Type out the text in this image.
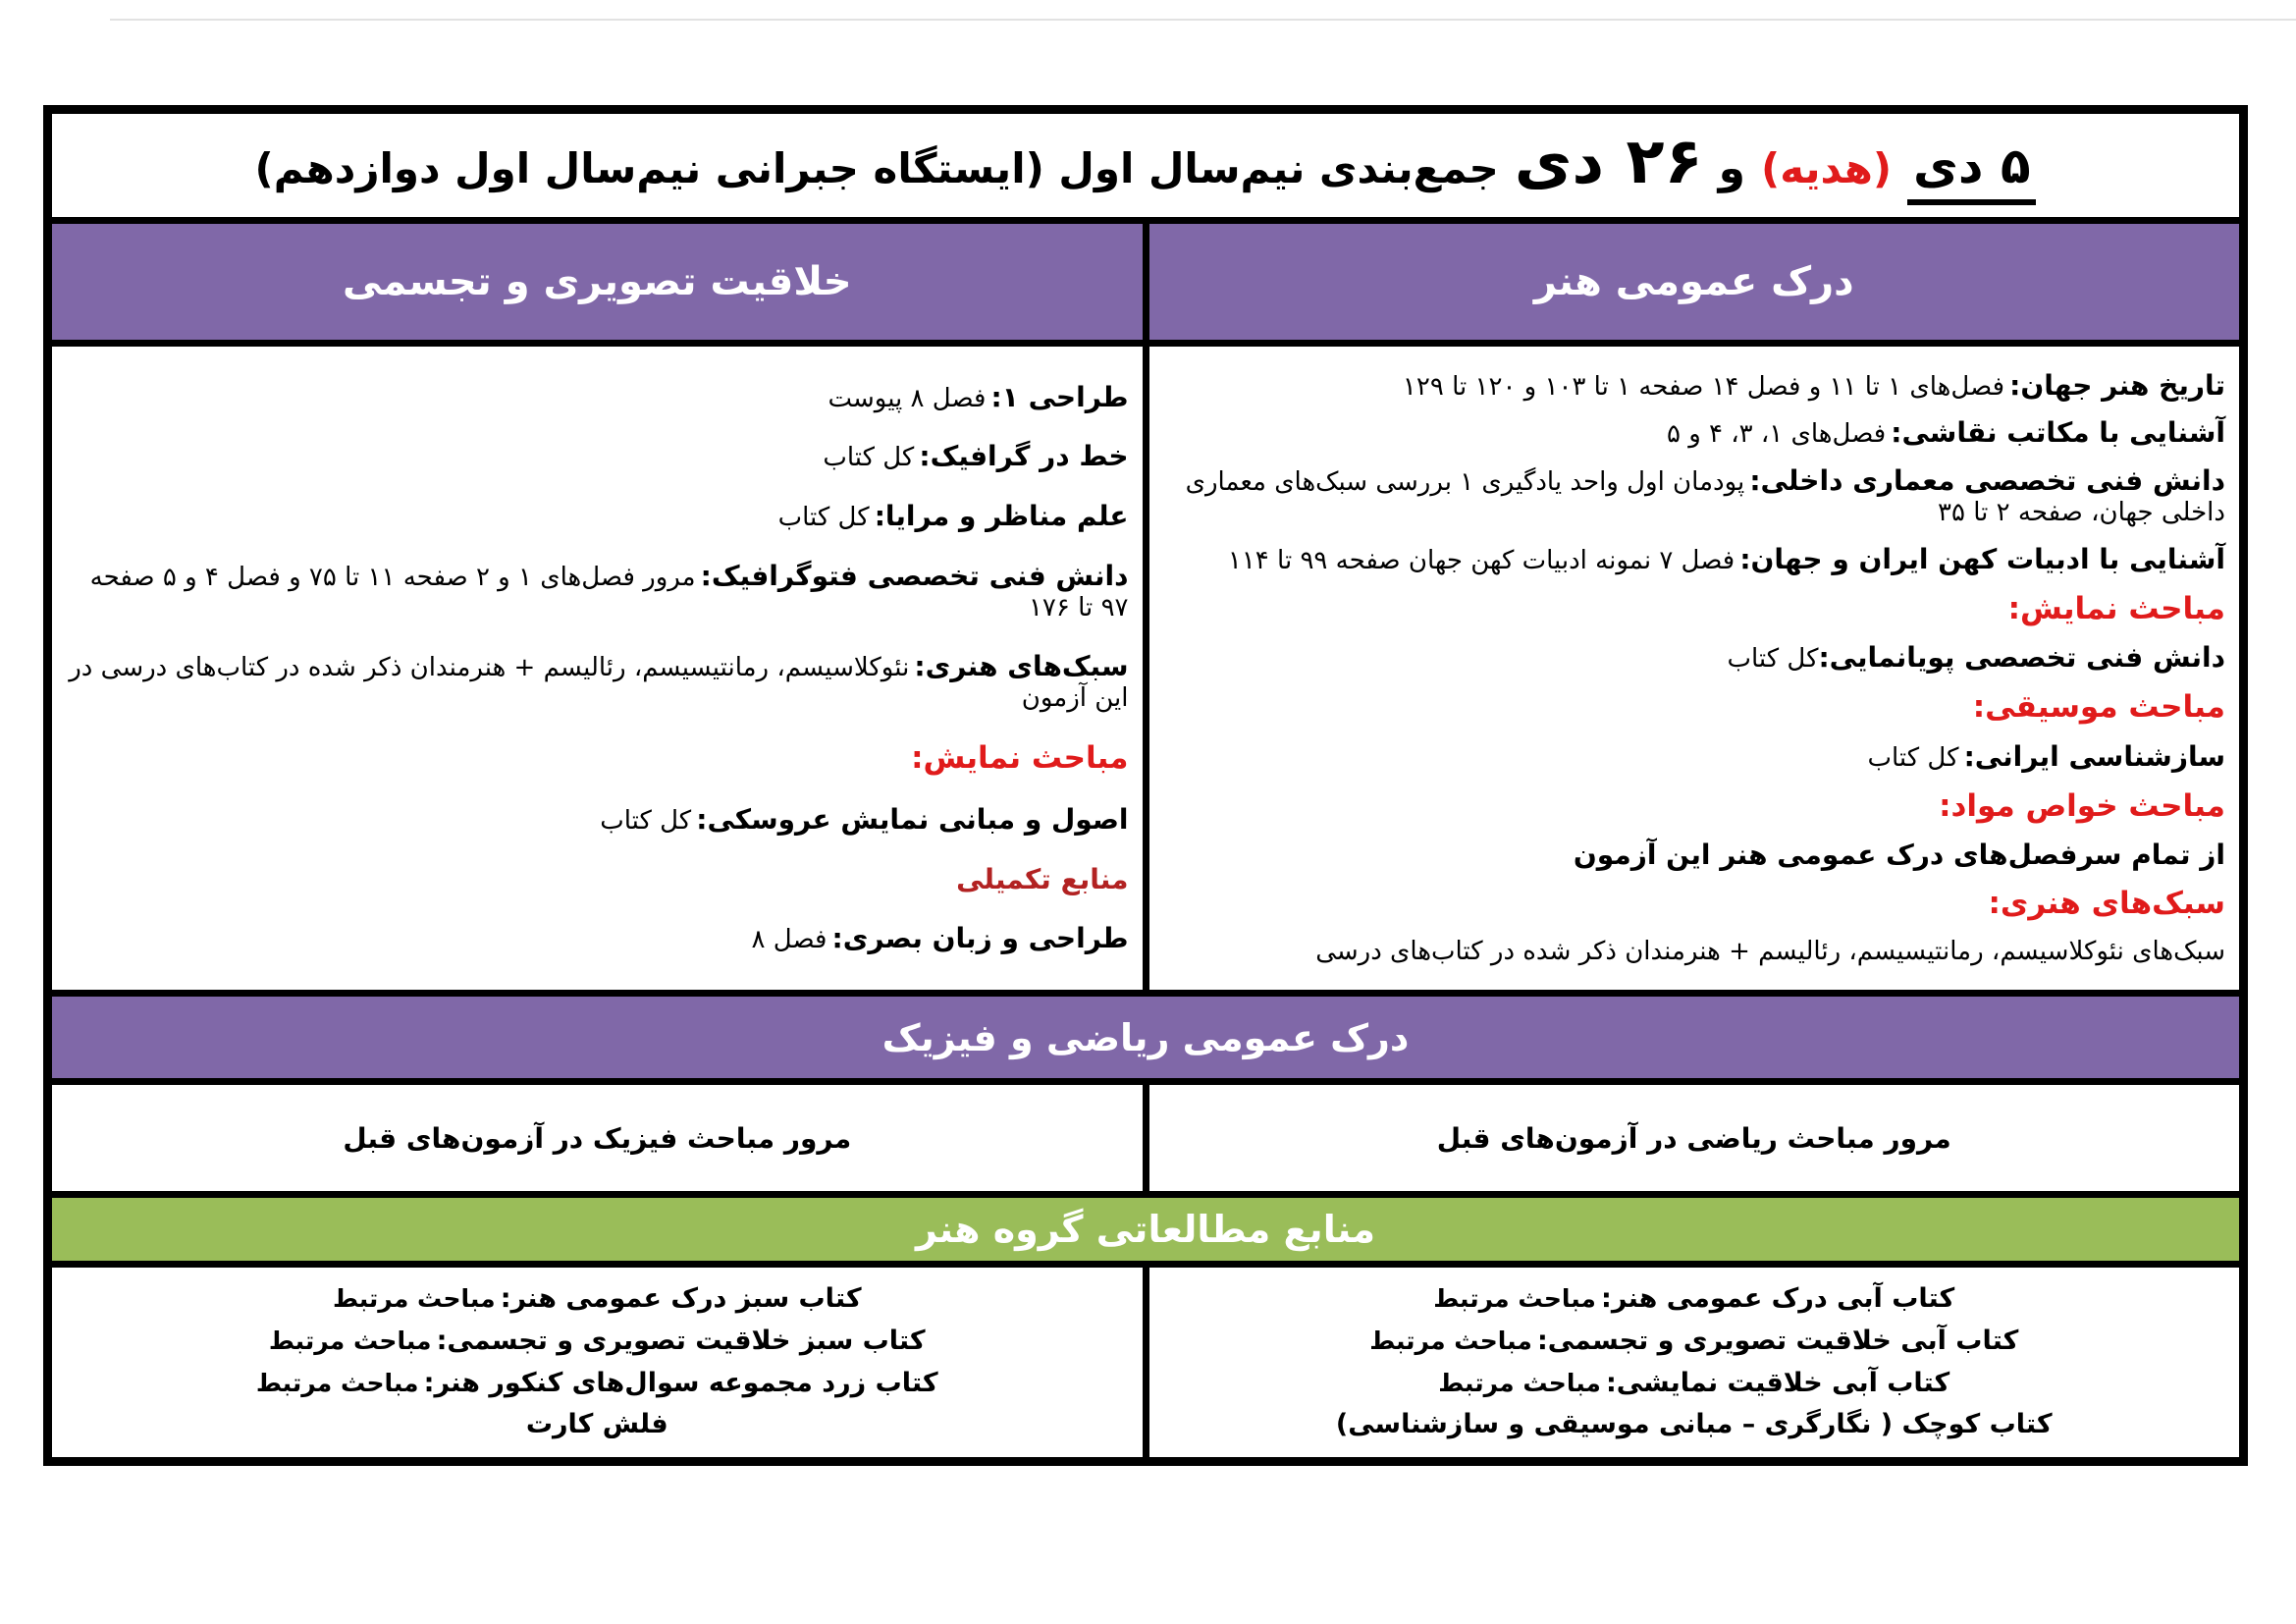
۵ دی
(هدیه)
و
۲۶ دی
جمع‌بندی نیم‌سال اول (ایستگاه جبرانی نیم‌سال اول دوازدهم)
درک عمومی هنر
خلاقیت تصویری و تجسمی
تاریخ هنر جهان: فصل‌های ۱ تا ۱۱ و فصل ۱۴ صفحه ۱ تا ۱۰۳ و ۱۲۰ تا ۱۲۹
آشنایی با مکاتب نقاشی: فصل‌های ۱، ۳، ۴ و ۵
دانش فنی تخصصی معماری داخلی: پودمان اول واحد یادگیری ۱ بررسی سبک‌های معماری داخلی جهان، صفحه ۲ تا ۳۵
آشنایی با ادبیات کهن ایران و جهان: فصل ۷ نمونه ادبیات کهن جهان صفحه ۹۹ تا ۱۱۴
مباحث نمایش:
دانش فنی تخصصی پویانمایی:کل کتاب
مباحث موسیقی:
سازشناسی ایرانی: کل کتاب
مباحث خواص مواد:
از تمام سرفصل‌های درک عمومی هنر این آزمون
سبک‌های هنری:
سبک‌های نئوکلاسیسم، رمانتیسیسم، رئالیسم + هنرمندان ذکر شده در کتاب‌های درسی
طراحی ۱: فصل ۸ پیوست
خط در گرافیک: کل کتاب
علم مناظر و مرایا: کل کتاب
دانش فنی تخصصی فتوگرافیک: مرور فصل‌های ۱ و ۲ صفحه ۱۱ تا ۷۵ و فصل ۴ و ۵ صفحه ۹۷ تا ۱۷۶
سبک‌های هنری: نئوکلاسیسم، رمانتیسیسم، رئالیسم + هنرمندان ذکر شده در کتاب‌های درسی در این آزمون
مباحث نمایش:
اصول و مبانی نمایش عروسکی: کل کتاب
منابع تکمیلی
طراحی و زبان بصری: فصل ۸
درک عمومی ریاضی و فیزیک
مرور مباحث ریاضی در آزمون‌های قبل
مرور مباحث فیزیک در آزمون‌های قبل
منابع مطالعاتی گروه هنر
کتاب آبی درک عمومی هنر: مباحث مرتبط
کتاب آبی خلاقیت تصویری و تجسمی: مباحث مرتبط
کتاب آبی خلاقیت نمایشی: مباحث مرتبط
کتاب کوچک ( نگارگری – مبانی موسیقی و سازشناسی)
کتاب سبز درک عمومی هنر: مباحث مرتبط
کتاب سبز خلاقیت تصویری و تجسمی: مباحث مرتبط
کتاب زرد مجموعه سوال‌های کنکور هنر: مباحث مرتبط
فلش کارت
